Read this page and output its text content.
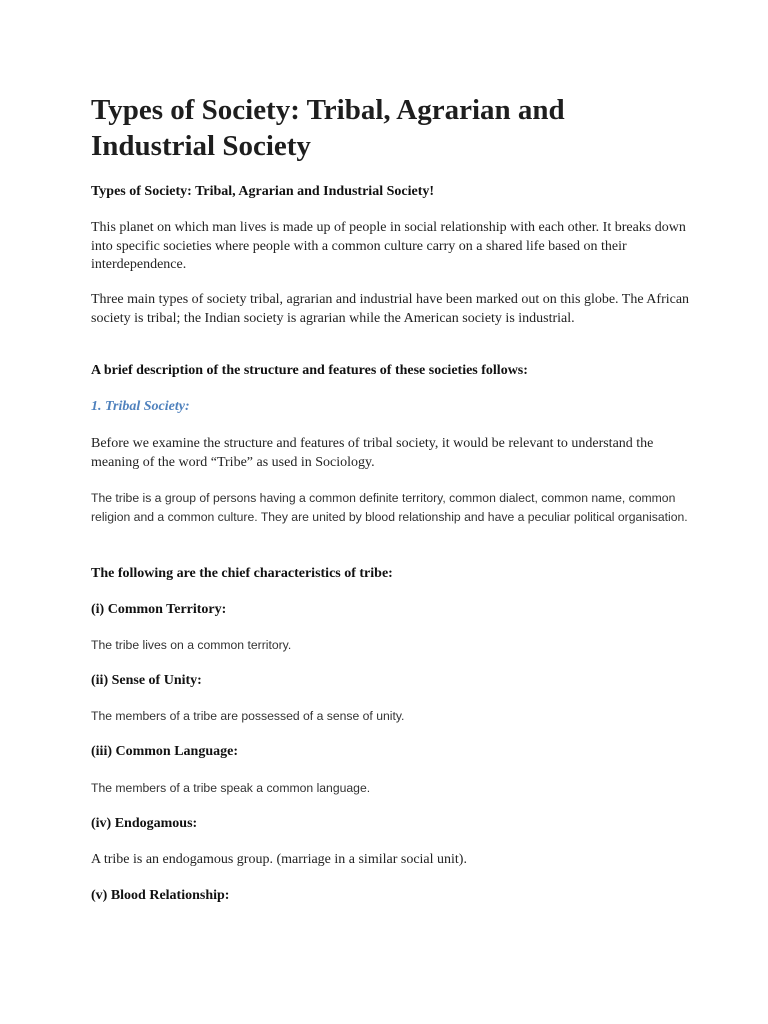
Types of Society: Tribal, Agrarian and Industrial Society

Types of Society: Tribal, Agrarian and Industrial Society!

This planet on which man lives is made up of people in social relationship with each other. It breaks down into specific societies where people with a common culture carry on a shared life based on their interdependence.

Three main types of society tribal, agrarian and industrial have been marked out on this globe. The African society is tribal; the Indian society is agrarian while the American society is industrial.

A brief description of the structure and features of these societies follows:

1. Tribal Society:

Before we examine the structure and features of tribal society, it would be relevant to understand the meaning of the word “Tribe” as used in Sociology.

The tribe is a group of persons having a common definite territory, common dialect, common name, common religion and a common culture. They are united by blood relationship and have a peculiar political organisation.

The following are the chief characteristics of tribe:

(i) Common Territory:

The tribe lives on a common territory.

(ii) Sense of Unity:

The members of a tribe are possessed of a sense of unity.

(iii) Common Language:

The members of a tribe speak a common language.

(iv) Endogamous:

A tribe is an endogamous group. (marriage in a similar social unit).

(v) Blood Relationship:
